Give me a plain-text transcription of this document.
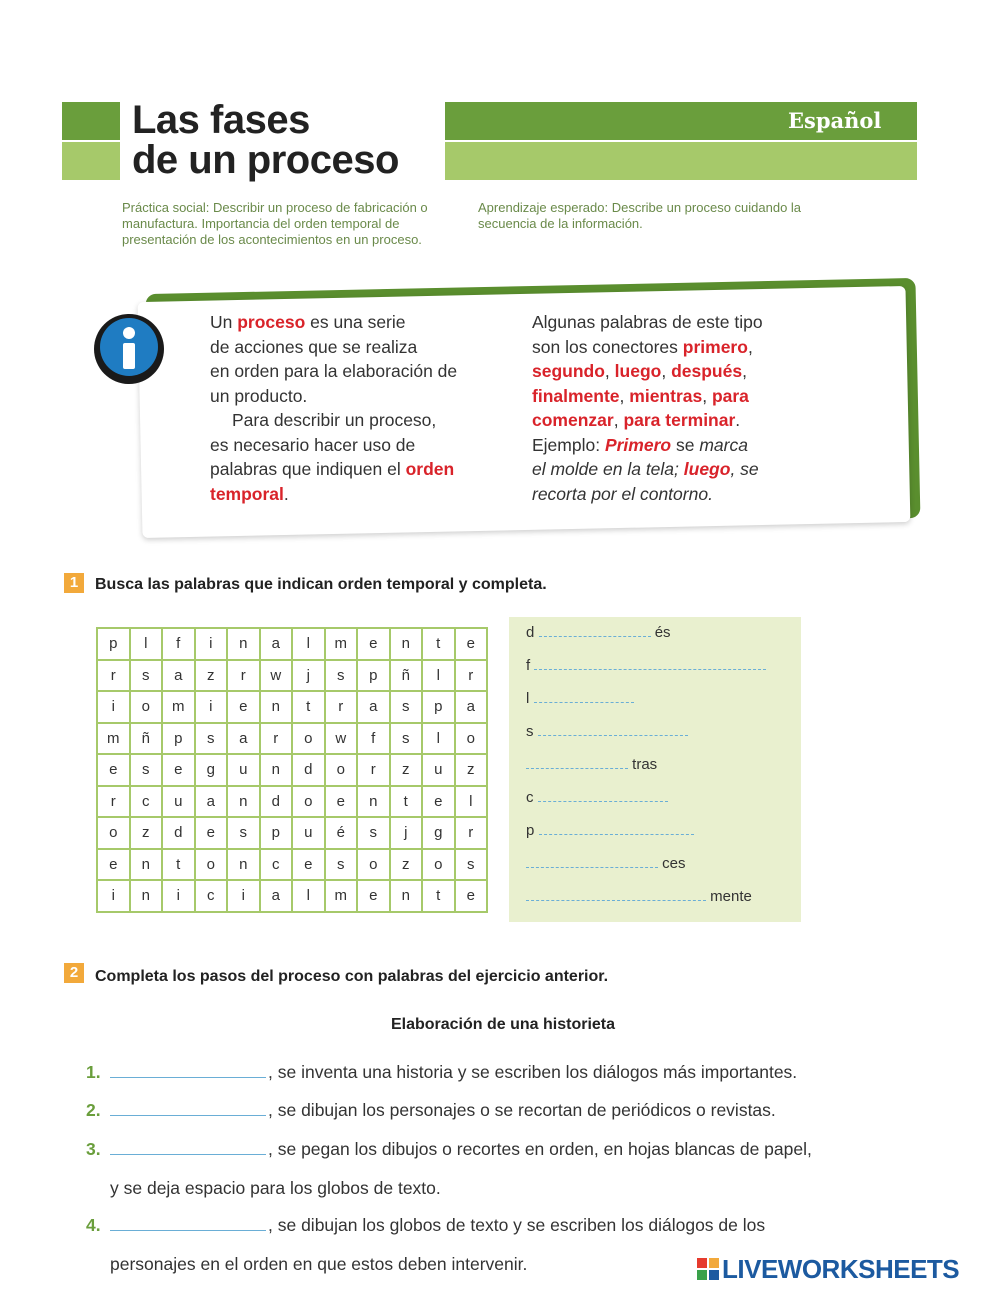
Las fases
de un proceso
Español
Práctica social: Describir un proceso de fabricación o manufactura. Importancia del orden temporal de presentación de los acontecimientos en un proceso.
Aprendizaje esperado: Describe un proceso cuidando la secuencia de la información.
Un proceso es una serie
de acciones que se realiza
en orden para la elaboración de
un producto.
Para describir un proceso,
es necesario hacer uso de
palabras que indiquen el orden
temporal.
Algunas palabras de este tipo
son los conectores primero,
segundo, luego, después,
finalmente, mientras, para
comenzar, para terminar.
Ejemplo: Primero se marca
el molde en la tela; luego, se
recorta por el contorno.
1	Busca las palabras que indican orden temporal y completa.
p	l	f	i	n	a	l	m	e	n	t	e
r	s	a	z	r	w	j	s	p	ñ	l	r
i	o	m	i	e	n	t	r	a	s	p	a
m	ñ	p	s	a	r	o	w	f	s	l	o
e	s	e	g	u	n	d	o	r	z	u	z
r	c	u	a	n	d	o	e	n	t	e	l
o	z	d	e	s	p	u	é	s	j	g	r
e	n	t	o	n	c	e	s	o	z	o	s
i	n	i	c	i	a	l	m	e	n	t	e
d	és
f
l
s
tras
c
p
ces
mente
2	Completa los pasos del proceso con palabras del ejercicio anterior.
Elaboración de una historieta
1.	, se inventa una historia y se escriben los diálogos más importantes.
2.	, se dibujan los personajes o se recortan de periódicos o revistas.
3.	, se pegan los dibujos o recortes en orden, en hojas blancas de papel,
y se deja espacio para los globos de texto.
4.	, se dibujan los globos de texto y se escriben los diálogos de los
personajes en el orden en que estos deben intervenir.	LIVEWORKSHEETS
